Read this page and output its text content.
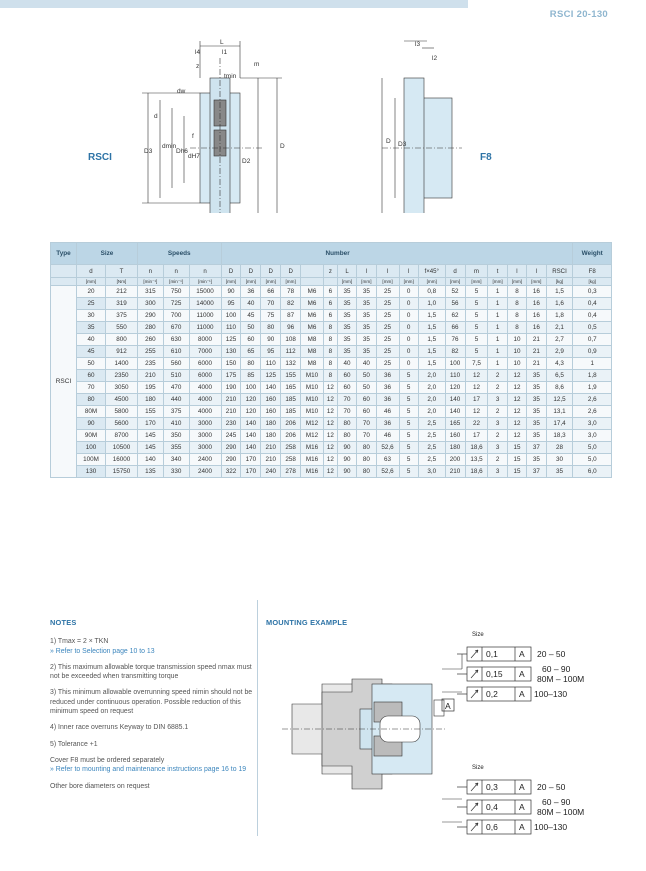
RSCI 20-130
L
l4	l1
z
tmin
m
d
dw
dmin
D3	Dh6
dH7
D2
D
f
l3
l2
D D3
RSCI	F8
Type	Size		Speeds			Number																	Weight
	d	T	n	n	n	D	D	D	D		z	L	l	l	l	f×45°	d	m	t	l	l	RSCI	F8
	[mm]	[Nm]	[min⁻¹]	[min⁻¹]	[min⁻¹]	[mm]	[mm]	[mm]	[mm]			[mm]	[mm]	[mm]	[mm]	[mm]	[mm]	[mm]	[mm]	[mm]	[mm]	[kg]	[kg]
RSCI	20	212	315	750	15000	90	36	66	78	M6	6	35	35	25	0	0,8	52	5	1	8	16	1,5	0,3
	25	319	300	725	14000	95	40	70	82	M6	6	35	35	25	0	1,0	56	5	1	8	16	1,6	0,4
	30	375	290	700	11000	100	45	75	87	M6	6	35	35	25	0	1,5	62	5	1	8	16	1,8	0,4
	35	550	280	670	11000	110	50	80	96	M6	8	35	35	25	0	1,5	66	5	1	8	16	2,1	0,5
	40	800	260	630	8000	125	60	90	108	M8	8	35	35	25	0	1,5	76	5	1	10	21	2,7	0,7
	45	912	255	610	7000	130	65	95	112	M8	8	35	35	25	0	1,5	82	5	1	10	21	2,9	0,9
	50	1400	235	560	6000	150	80	110	132	M8	8	40	40	25	0	1,5	100	7,5	1	10	21	4,3	1
	60	2350	210	510	6000	175	85	125	155	M10	8	60	50	36	5	2,0	110	12	2	12	35	6,5	1,8
	70	3050	195	470	4000	190	100	140	165	M10	12	60	50	36	5	2,0	120	12	2	12	35	8,6	1,9
	80	4500	180	440	4000	210	120	160	185	M10	12	70	60	36	5	2,0	140	17	3	12	35	12,5	2,6
	80M	5800	155	375	4000	210	120	160	185	M10	12	70	60	46	5	2,0	140	12	2	12	35	13,1	2,6
	90	5600	170	410	3000	230	140	180	206	M12	12	80	70	36	5	2,5	165	22	3	12	35	17,4	3,0
	90M	8700	145	350	3000	245	140	180	206	M12	12	80	70	46	5	2,5	160	17	2	12	35	18,3	3,0
	100	10500	145	355	3000	290	140	210	258	M16	12	90	80	52,6	5	2,5	180	18,6	3	15	37	28	5,0
	100M	16000	140	340	2400	290	170	210	258	M16	12	90	80	63	5	2,5	200	13,5	2	15	35	30	5,0
	130	15750	135	330	2400	322	170	240	278	M16	12	90	80	52,6	5	3,0	210	18,6	3	15	37	35	6,0
NOTES

1) Tmax = 2 × TKN
» Refer to Selection page 10 to 13

2) This maximum allowable torque transmission speed nmax must not be exceeded when transmitting torque

3) This minimum allowable overrunning speed nimin should not be reduced under continuous operation. Possible reduction of this minimum speed on request

4) Inner race overruns Keyway to DIN 6885.1

5) Tolerance +1

Cover F8 must be ordered separately
» Refer to mounting and maintenance instructions page 16 to 19

Other bore diameters on request

MOUNTING EXAMPLE
Size
0,1 A 20 – 50
0,15 A 60 – 90
80M – 100M
0,2 A 100–130
A
Size
0,3 A 20 – 50
0,4 A 60 – 90
80M – 100M
0,6 A 100–130
